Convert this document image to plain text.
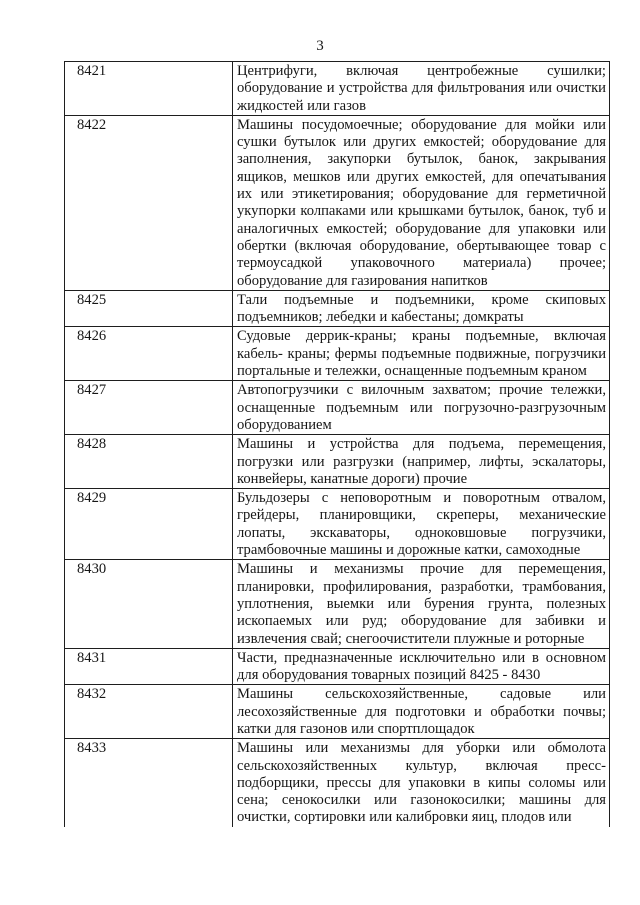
3
8421	Центрифуги, включая центробежные сушилки; оборудование и устройства для фильтрования или очистки жидкостей или газов
8422	Машины посудомоечные; оборудование для мойки или сушки бутылок или других емкостей; оборудование для заполнения, закупорки бутылок, банок, закрывания ящиков, мешков или других емкостей, для опечатывания их или этикетирования; оборудование для герметичной укупорки колпаками или крышками бутылок, банок, туб и аналогичных емкостей; оборудование для упаковки или обертки (включая оборудование, обертывающее товар с термоусадкой упаковочного материала) прочее; оборудование для газирования напитков
8425	Тали подъемные и подъемники, кроме скиповых подъемников; лебедки и кабестаны; домкраты
8426	Судовые деррик-краны; краны подъемные, включая кабель- краны; фермы подъемные подвижные, погрузчики портальные и тележки, оснащенные подъемным краном
8427	Автопогрузчики с вилочным захватом; прочие тележки, оснащенные подъемным или погрузочно-разгрузочным оборудованием
8428	Машины и устройства для подъема, перемещения, погрузки или разгрузки (например, лифты, эскалаторы, конвейеры, канатные дороги) прочие
8429	Бульдозеры с неповоротным и поворотным отвалом, грейдеры, планировщики, скреперы, механические лопаты, экскаваторы, одноковшовые погрузчики, трамбовочные машины и дорожные катки, самоходные
8430	Машины и механизмы прочие для перемещения, планировки, профилирования, разработки, трамбования, уплотнения, выемки или бурения грунта, полезных ископаемых или руд; оборудование для забивки и извлечения свай; снегоочистители плужные и роторные
8431	Части, предназначенные исключительно или в основном для оборудования товарных позиций 8425 - 8430
8432	Машины сельскохозяйственные, садовые или лесохозяйственные для подготовки и обработки почвы; катки для газонов или спортплощадок
8433	Машины или механизмы для уборки или обмолота сельскохозяйственных культур, включая пресс-подборщики, прессы для упаковки в кипы соломы или сена; сенокосилки или газонокосилки; машины для очистки, сортировки или калибровки яиц, плодов или
